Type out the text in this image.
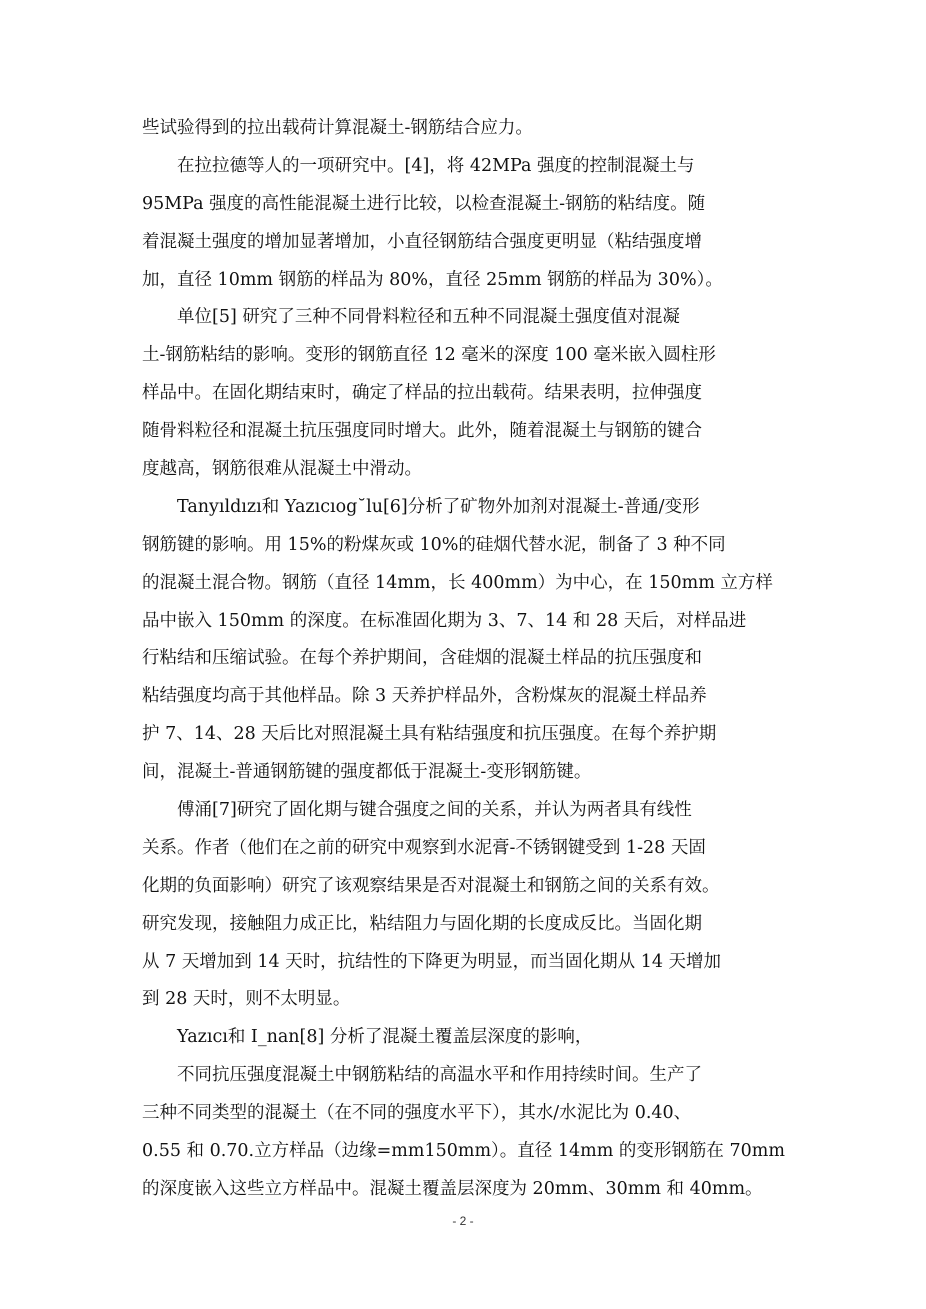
些试验得到的拉出载荷计算混凝土-钢筋结合应力。
在拉拉德等人的一项研究中。[4]，将 42MPa 强度的控制混凝土与
95MPa 强度的高性能混凝土进行比较，以检查混凝土-钢筋的粘结度。随
着混凝土强度的增加显著增加，小直径钢筋结合强度更明显（粘结强度增
加，直径 10mm 钢筋的样品为 80%，直径 25mm 钢筋的样品为 30%）。
单位[5] 研究了三种不同骨料粒径和五种不同混凝土强度值对混凝
土-钢筋粘结的影响。变形的钢筋直径 12 毫米的深度 100 毫米嵌入圆柱形
样品中。在固化期结束时，确定了样品的拉出载荷。结果表明，拉伸强度
随骨料粒径和混凝土抗压强度同时增大。此外，随着混凝土与钢筋的键合
度越高，钢筋很难从混凝土中滑动。
Tanyıldızı和 Yazıcıog˘lu[6]分析了矿物外加剂对混凝土-普通/变形
钢筋键的影响。用 15%的粉煤灰或 10%的硅烟代替水泥，制备了 3 种不同
的混凝土混合物。钢筋（直径 14mm，长 400mm）为中心，在 150mm 立方样
品中嵌入 150mm 的深度。在标准固化期为 3、7、14 和 28 天后，对样品进
行粘结和压缩试验。在每个养护期间，含硅烟的混凝土样品的抗压强度和
粘结强度均高于其他样品。除 3 天养护样品外，含粉煤灰的混凝土样品养
护 7、14、28 天后比对照混凝土具有粘结强度和抗压强度。在每个养护期
间，混凝土-普通钢筋键的强度都低于混凝土-变形钢筋键。
傅涌[7]研究了固化期与键合强度之间的关系，并认为两者具有线性
关系。作者（他们在之前的研究中观察到水泥膏-不锈钢键受到 1-28 天固
化期的负面影响）研究了该观察结果是否对混凝土和钢筋之间的关系有效。
研究发现，接触阻力成正比，粘结阻力与固化期的长度成反比。当固化期
从 7 天增加到 14 天时，抗结性的下降更为明显，而当固化期从 14 天增加
到 28 天时，则不太明显。
Yazıcı和 I_nan[8] 分析了混凝土覆盖层深度的影响，
不同抗压强度混凝土中钢筋粘结的高温水平和作用持续时间。生产了
三种不同类型的混凝土（在不同的强度水平下），其水/水泥比为 0.40、
0.55 和 0.70.立方样品（边缘=mm150mm）。直径 14mm 的变形钢筋在 70mm
的深度嵌入这些立方样品中。混凝土覆盖层深度为 20mm、30mm 和 40mm。
- 2 -
